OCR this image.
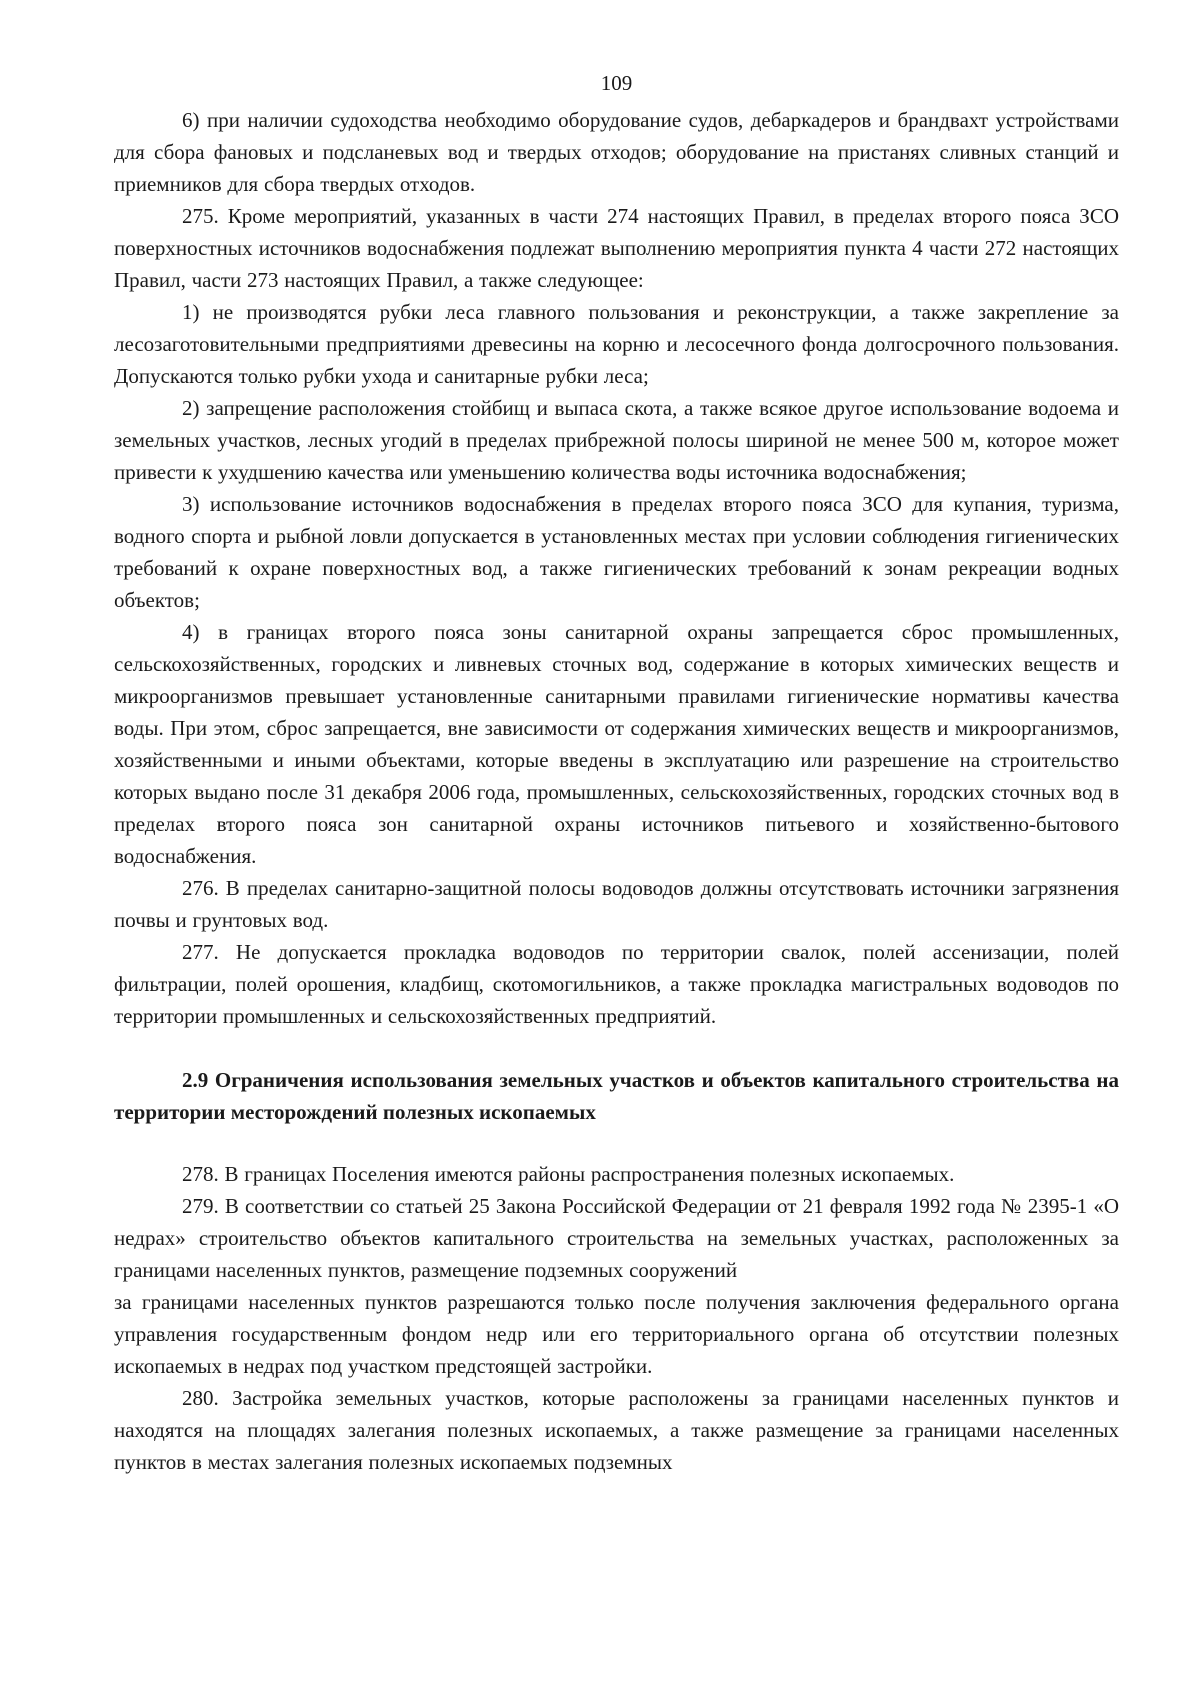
109

6) при наличии судоходства необходимо оборудование судов, дебаркадеров и брандвахт устройствами для сбора фановых и подсланевых вод и твердых отходов; оборудование на пристанях сливных станций и приемников для сбора твердых отходов.

275. Кроме мероприятий, указанных в части 274 настоящих Правил, в пределах второго пояса ЗСО поверхностных источников водоснабжения подлежат выполнению мероприятия пункта 4 части 272 настоящих Правил, части 273 настоящих Правил, а также следующее:

1) не производятся рубки леса главного пользования и реконструкции, а также закрепление за лесозаготовительными предприятиями древесины на корню и лесосечного фонда долгосрочного пользования. Допускаются только рубки ухода и санитарные рубки леса;

2) запрещение расположения стойбищ и выпаса скота, а также всякое другое использование водоема и земельных участков, лесных угодий в пределах прибрежной полосы шириной не менее 500 м, которое может привести к ухудшению качества или уменьшению количества воды источника водоснабжения;

3) использование источников водоснабжения в пределах второго пояса ЗСО для купания, туризма, водного спорта и рыбной ловли допускается в установленных местах при условии соблюдения гигиенических требований к охране поверхностных вод, а также гигиенических требований к зонам рекреации водных объектов;

4) в границах второго пояса зоны санитарной охраны запрещается сброс промышленных, сельскохозяйственных, городских и ливневых сточных вод, содержание в которых химических веществ и микроорганизмов превышает установленные санитарными правилами гигиенические нормативы качества воды. При этом, сброс запрещается, вне зависимости от содержания химических веществ и микроорганизмов, хозяйственными и иными объектами, которые введены в эксплуатацию или разрешение на строительство которых выдано после 31 декабря 2006 года, промышленных, сельскохозяйственных, городских сточных вод в пределах второго пояса зон санитарной охраны источников питьевого и хозяйственно-бытового водоснабжения.

276. В пределах санитарно-защитной полосы водоводов должны отсутствовать источники загрязнения почвы и грунтовых вод.

277. Не допускается прокладка водоводов по территории свалок, полей ассенизации, полей фильтрации, полей орошения, кладбищ, скотомогильников, а также прокладка магистральных водоводов по территории промышленных и сельскохозяйственных предприятий.

2.9 Ограничения использования земельных участков и объектов капитального строительства на территории месторождений полезных ископаемых

278. В границах Поселения имеются районы распространения полезных ископаемых.

279. В соответствии со статьей 25 Закона Российской Федерации от 21 февраля 1992 года № 2395-1 «О недрах» строительство объектов капитального строительства на земельных участках, расположенных за границами населенных пунктов, размещение подземных сооружений

за границами населенных пунктов разрешаются только после получения заключения федерального органа управления государственным фондом недр или его территориального органа об отсутствии полезных ископаемых в недрах под участком предстоящей застройки.

280. Застройка земельных участков, которые расположены за границами населенных пунктов и находятся на площадях залегания полезных ископаемых, а также размещение за границами населенных пунктов в местах залегания полезных ископаемых подземных
